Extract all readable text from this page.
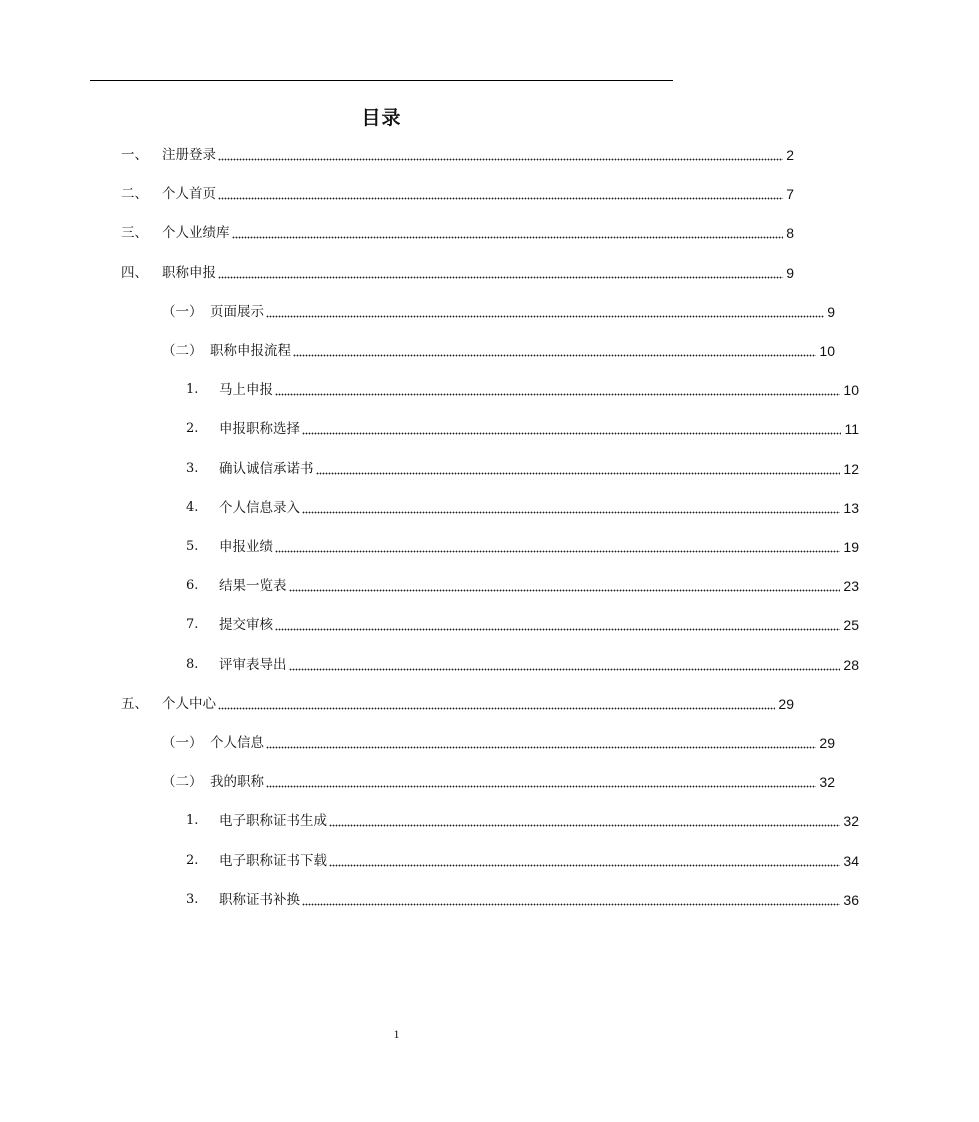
目录
一、	注册登录	2
二、	个人首页	7
三、	个人业绩库	8
四、	职称申报	9
（一） 页面展示	9
（二） 职称申报流程	10
1.	马上申报	10
2.	申报职称选择	11
3.	确认诚信承诺书	12
4.	个人信息录入	13
5.	申报业绩	19
6.	结果一览表	23
7.	提交审核	25
8.	评审表导出	28
五、	个人中心	29
（一） 个人信息	29
（二） 我的职称	32
1.	电子职称证书生成	32
2.	电子职称证书下载	34
3.	职称证书补换	36
1
